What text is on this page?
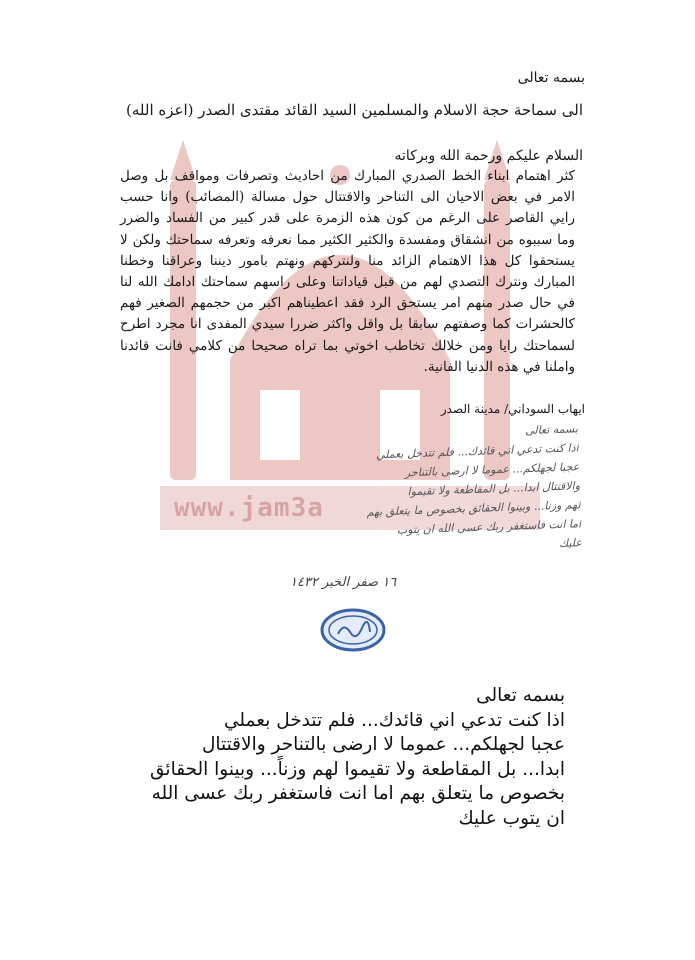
www.jam3a
بسمه تعالى
الى سماحة حجة الاسلام والمسلمين السيد القائد مقتدى الصدر (اعزه الله)
السلام عليكم ورحمة الله وبركاته
كثر اهتمام ابناء الخط الصدري المبارك من احاديث وتصرفات ومواقف بل وصل الامر في بعض الاحيان الى التناحر والاقتتال حول مسالة (المصائب) وانا حسب رايي القاصر على الرغم من كون هذه الزمرة على قدر كبير من الفساد والضرر وما سببوه من انشقاق ومفسدة والكثير الكثير مما نعرفه وتعرفه سماحتك ولكن لا يستحقوا كل هذا الاهتمام الزائد منا ولنتركهم ونهتم بامور ديننا وعراقنا وخطنا المبارك ونترك التصدي لهم من قبل قياداتنا وعلى راسهم سماحتك ادامك الله لنا في حال صدر منهم امر يستحق الرد فقد اعطيناهم اكبر من حجمهم الصغير فهم كالحشرات كما وصفتهم سابقا بل واقل واكثر ضررا سيدي المفدى انا مجرد اطرح لسماحتك رايا ومن خلالك تخاطب اخوتي بما تراه صحيحا من كلامي فانت قائدنا واملنا في هذه الدنيا الفانية.
ايهاب السوداني/ مدينة الصدر
بسمه تعالى
اذا كنت تدعي اني قائدك... فلم تتدخل بعملي
عجبا لجهلكم... عموما لا ارضى بالتناحر
والاقتتال ابدا... بل المقاطعة ولا تقيموا
لهم وزنا... وبينوا الحقائق بخصوص ما يتعلق بهم
اما انت فاستغفر ربك عسى الله ان يتوب
عليك
١٦ صفر الخير ١٤٣٢
بسمه تعالى
اذا كنت تدعي اني قائدك... فلم تتدخل بعملي
عجبا لجهلكم... عموما لا ارضى بالتناحر والاقتتال
ابدا... بل المقاطعة ولا تقيموا لهم وزناً... وبينوا الحقائق
بخصوص ما يتعلق بهم اما انت فاستغفر ربك عسى الله
ان يتوب عليك
